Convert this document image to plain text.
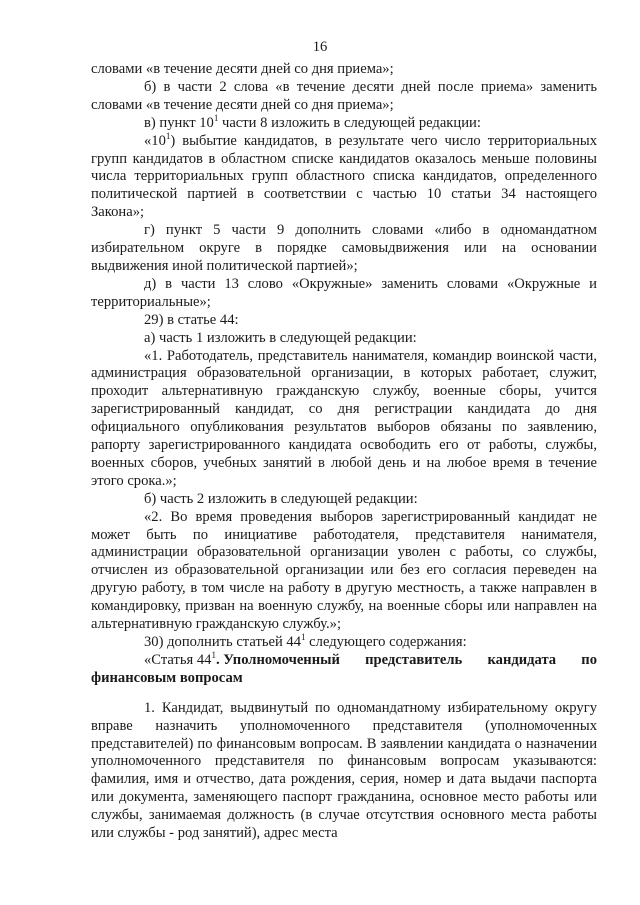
16

словами «в течение десяти дней со дня приема»;

б) в части 2 слова «в течение десяти дней после приема» заменить словами «в течение десяти дней со дня приема»;

в) пункт $10^1$ части 8 изложить в следующей редакции:

«$10^1$) выбытие кандидатов, в результате чего число территориальных групп кандидатов в областном списке кандидатов оказалось меньше половины числа территориальных групп областного списка кандидатов, определенного политической партией в соответствии с частью 10 статьи 34 настоящего Закона»;

г) пункт 5 части 9 дополнить словами «либо в одномандатном избирательном округе в порядке самовыдвижения или на основании выдвижения иной политической партией»;

д) в части 13 слово «Окружные» заменить словами «Окружные и территориальные»;

29) в статье 44:

а) часть 1 изложить в следующей редакции:

«1. Работодатель, представитель нанимателя, командир воинской части, администрация образовательной организации, в которых работает, служит, проходит альтернативную гражданскую службу, военные сборы, учится зарегистрированный кандидат, со дня регистрации кандидата до дня официального опубликования результатов выборов обязаны по заявлению, рапорту зарегистрированного кандидата освободить его от работы, службы, военных сборов, учебных занятий в любой день и на любое время в течение этого срока.»;

б) часть 2 изложить в следующей редакции:

«2. Во время проведения выборов зарегистрированный кандидат не может быть по инициативе работодателя, представителя нанимателя, администрации образовательной организации уволен с работы, со службы, отчислен из образовательной организации или без его согласия переведен на другую работу, в том числе на работу в другую местность, а также направлен в командировку, призван на военную службу, на военные сборы или направлен на альтернативную гражданскую службу.»;

30) дополнить статьей $44^1$ следующего содержания:

«Статья $44^1$. Уполномоченный представитель кандидата по
финансовым вопросам

1. Кандидат, выдвинутый по одномандатному избирательному округу вправе назначить уполномоченного представителя (уполномоченных представителей) по финансовым вопросам. В заявлении кандидата о назначении уполномоченного представителя по финансовым вопросам указываются: фамилия, имя и отчество, дата рождения, серия, номер и дата выдачи паспорта или документа, заменяющего паспорт гражданина, основное место работы или службы, занимаемая должность (в случае отсутствия основного места работы или службы - род занятий), адрес места
